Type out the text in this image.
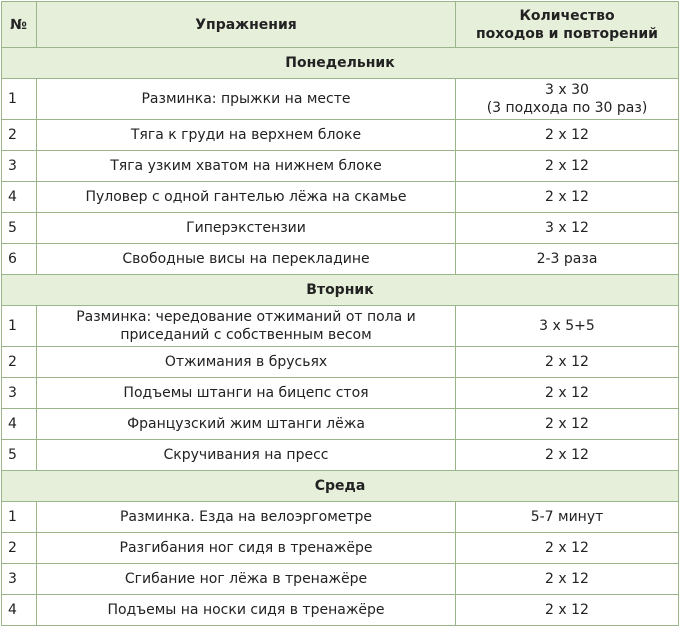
№	Упражнения	Количество
походов и повторений
Понедельник		
1	Разминка: прыжки на месте	3 х 30
(3 подхода по 30 раз)
2	Тяга к груди на верхнем блоке	2 х 12
3	Тяга узким хватом на нижнем блоке	2 х 12
4	Пуловер с одной гантелью лёжа на скамье	2 х 12
5	Гиперэкстензии	3 х 12
6	Свободные висы на перекладине	2-3 раза
Вторник		
1	Разминка: чередование отжиманий от пола и
приседаний с собственным весом	3 х 5+5
2	Отжимания в брусьях	2 х 12
3	Подъемы штанги на бицепс стоя	2 х 12
4	Французский жим штанги лёжа	2 х 12
5	Скручивания на пресс	2 х 12
Среда		
1	Разминка. Езда на велоэргометре	5-7 минут
2	Разгибания ног сидя в тренажёре	2 х 12
3	Сгибание ног лёжа в тренажёре	2 х 12
4	Подъемы на носки сидя в тренажёре	2 х 12
